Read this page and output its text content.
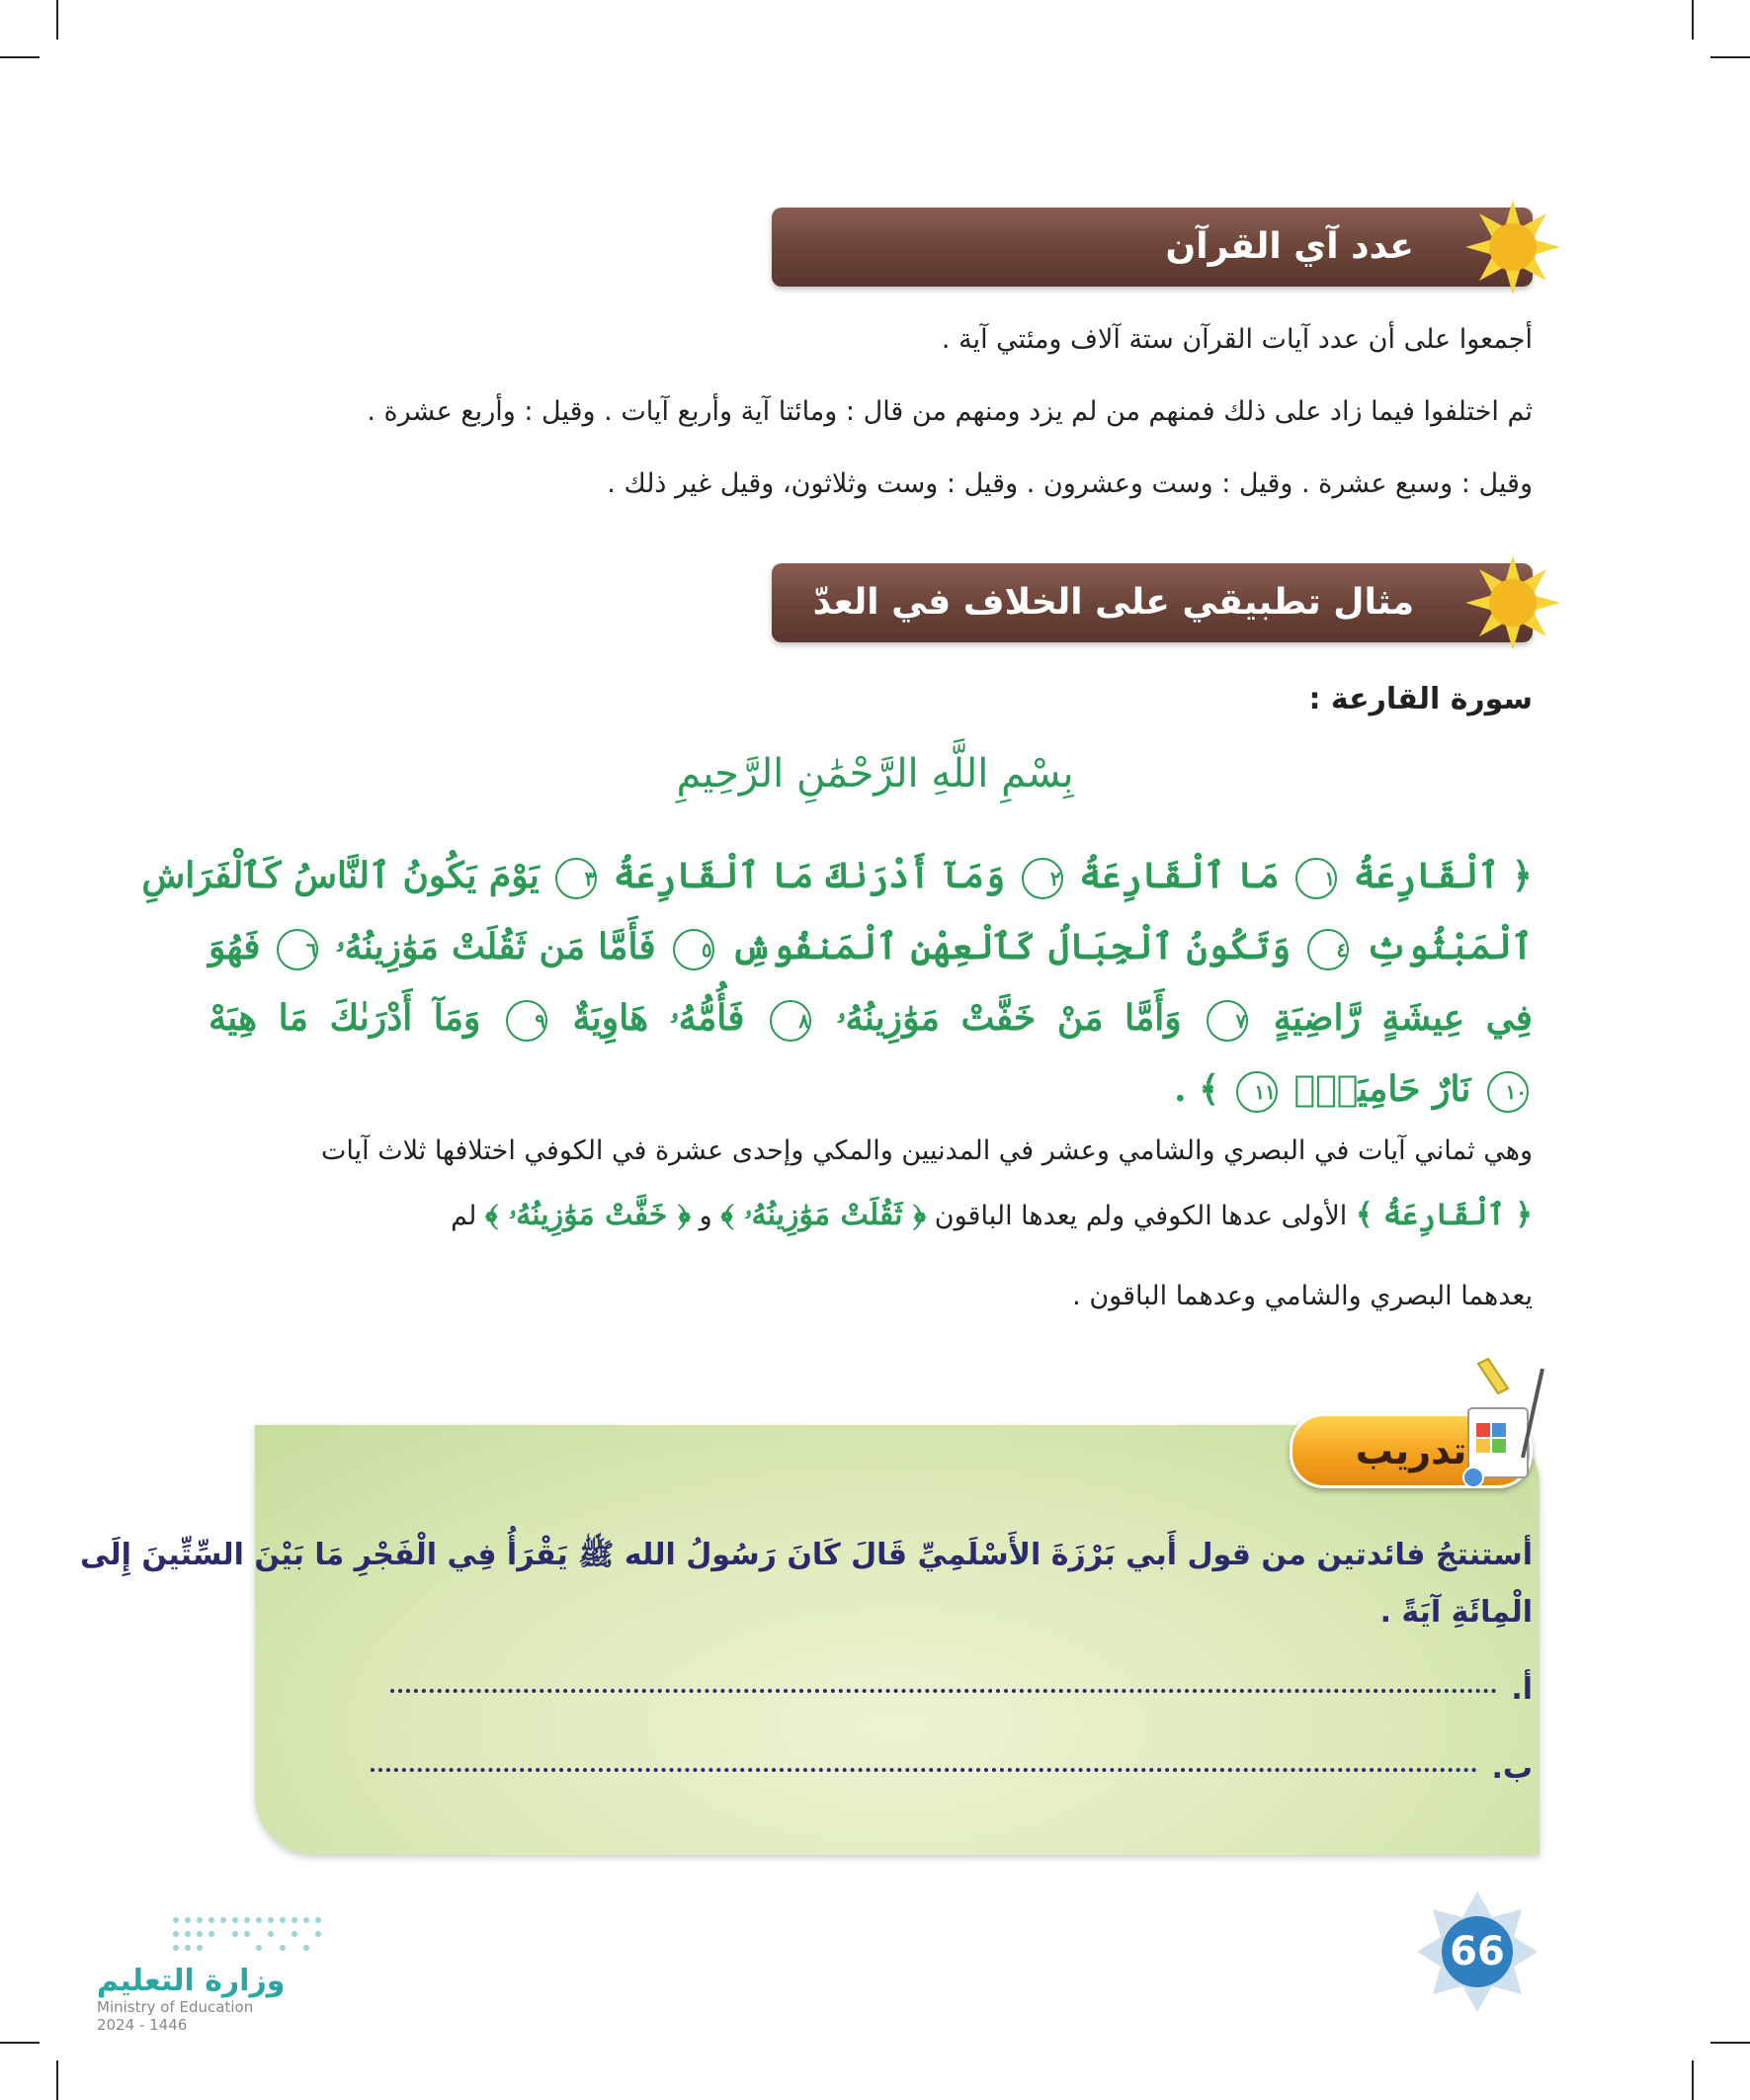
عدد آي القرآن
أجمعوا على أن عدد آيات القرآن ستة آلاف ومئتي آية .
ثم اختلفوا فيما زاد على ذلك فمنهم من لم يزد ومنهم من قال : ومائتا آية وأربع آيات . وقيل : وأربع عشرة .
وقيل : وسبع عشرة . وقيل : وست وعشرون . وقيل : وست وثلاثون، وقيل غير ذلك .
مثال تطبيقي على الخلاف في العدّ
سورة القارعة :
بِسْمِ اللَّهِ الرَّحْمَٰنِ الرَّحِيمِ
﴿ ٱلْقَارِعَةُ ١ مَا ٱلْقَارِعَةُ ٢ وَمَآ أَدْرَىٰكَ مَا ٱلْقَارِعَةُ ٣ يَوْمَ يَكُونُ ٱلنَّاسُ كَٱلْفَرَاشِ
ٱلْمَبْثُوثِ ٤ وَتَكُونُ ٱلْجِبَالُ كَٱلْعِهْنِ ٱلْمَنفُوشِ ٥ فَأَمَّا مَن ثَقُلَتْ مَوَٰزِينُهُۥ ٦ فَهُوَ
فِي عِيشَةٍ رَّاضِيَةٍ ٧ وَأَمَّا مَنْ خَفَّتْ مَوَٰزِينُهُۥ ٨ فَأُمُّهُۥ هَاوِيَةٌ ٩ وَمَآ أَدْرَىٰكَ مَا هِيَهْ
١٠ نَارٌ حَامِيَةٌۢ ١١ ﴾ .
وهي ثماني آيات في البصري والشامي وعشر في المدنيين والمكي وإحدى عشرة في الكوفي اختلافها ثلاث آيات
﴿ ٱلْقَارِعَةُ ﴾ الأولى عدها الكوفي ولم يعدها الباقون ﴿ ثَقُلَتْ مَوَٰزِينُهُۥ ﴾ و ﴿ خَفَّتْ مَوَٰزِينُهُۥ ﴾ لم
يعدهما البصري والشامي وعدهما الباقون .
تدريب
أستنتجُ فائدتين من قول أَبي بَرْزَةَ الأَسْلَمِيِّ قَالَ كَانَ رَسُولُ الله ﷺ يَقْرَأُ فِي الْفَجْرِ مَا بَيْنَ السِّتِّينَ إِلَى
الْمِائَةِ آيَةً .
أ.
ب.
66
وزارة التعليم
Ministry of Education
2024 - 1446
